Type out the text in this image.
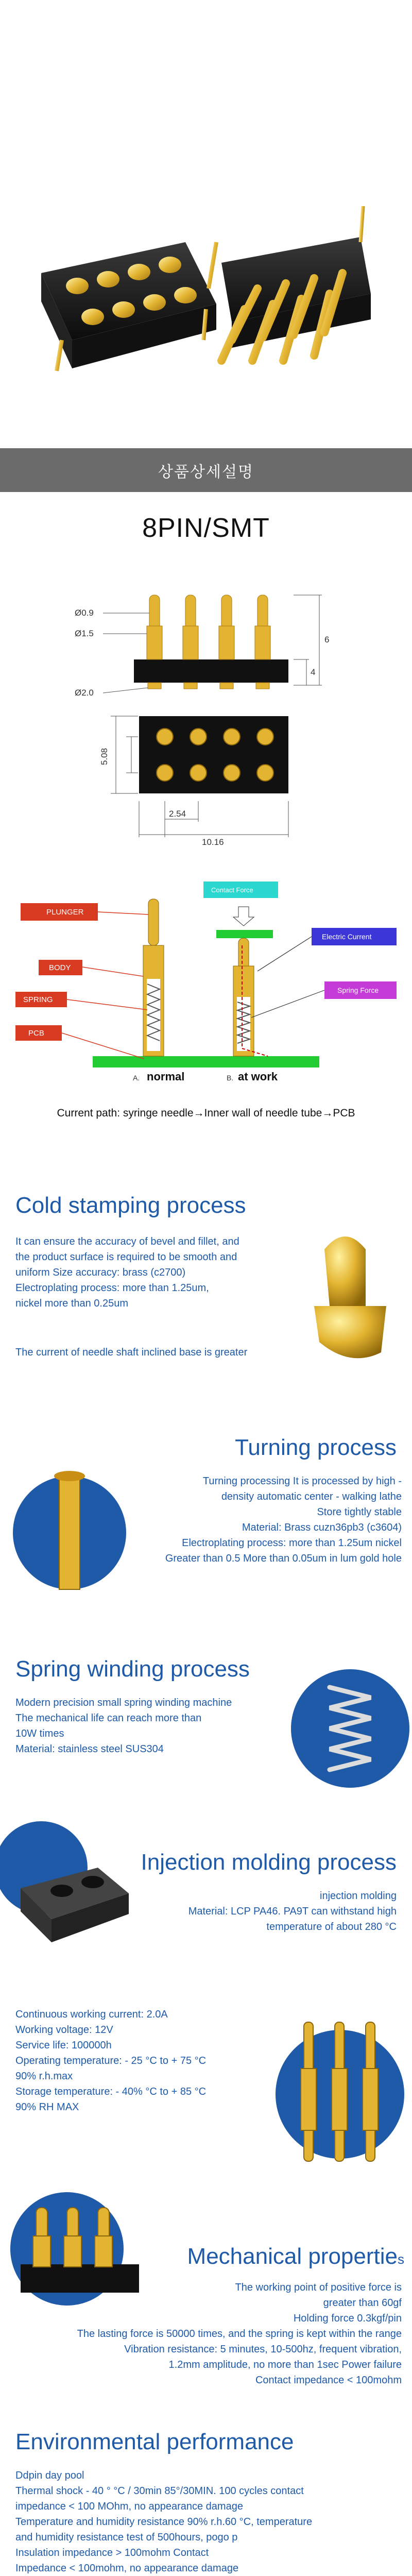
상품상세설명
8PIN/SMT
Ø0.9
Ø1.5
Ø2.0
4
6
5.08
2.54
10.16
PLUNGER
BODY
SPRING
PCB
Contact Force
Electric Current
Spring Force
A. normal	B. at work
Current path: syringe needle→Inner wall of needle tube→PCB
Cold stamping process
It can ensure the accuracy of bevel and fillet, and
the product surface is required to be smooth and
uniform Size accuracy: brass (c2700)
Electroplating process: more than 1.25um,
nickel more than 0.25um
The current of needle shaft inclined base is greater
Turning process
Turning processing It is processed by high -
density automatic center - walking lathe
Store tightly stable
Material: Brass cuzn36pb3 (c3604)
Electroplating process: more than 1.25um nickel
Greater than 0.5 More than 0.05um in lum gold hole
Spring winding process
Modern precision small spring winding machine
The mechanical life can reach more than
10W times
Material: stainless steel SUS304
Injection molding process
injection molding
Material: LCP PA46. PA9T can withstand high
temperature of about 280 °C
Continuous working current: 2.0A
Working voltage: 12V
Service life: 100000h
Operating temperature: - 25 °C to + 75 °C
90% r.h.max
Storage temperature: - 40% °C to + 85 °C
90% RH MAX
Mechanical properties
The working point of positive force is
greater than 60gf
Holding force 0.3kgf/pin
The lasting force is 50000 times, and the spring is kept within the range
Vibration resistance: 5 minutes, 10-500hz, frequent vibration,
1.2mm amplitude, no more than 1sec Power failure
Contact impedance < 100mohm
Environmental performance
Ddpin day pool
Thermal shock - 40 ° °C / 30min 85°/30MIN. 100 cycles contact
impedance < 100 MOhm, no appearance damage
Temperature and humidity resistance 90% r.h.60 °C, temperature
and humidity resistance test of 500hours, pogo p
Insulation impedance > 100mohm Contact
Impedance < 100mohm, no appearance damage
